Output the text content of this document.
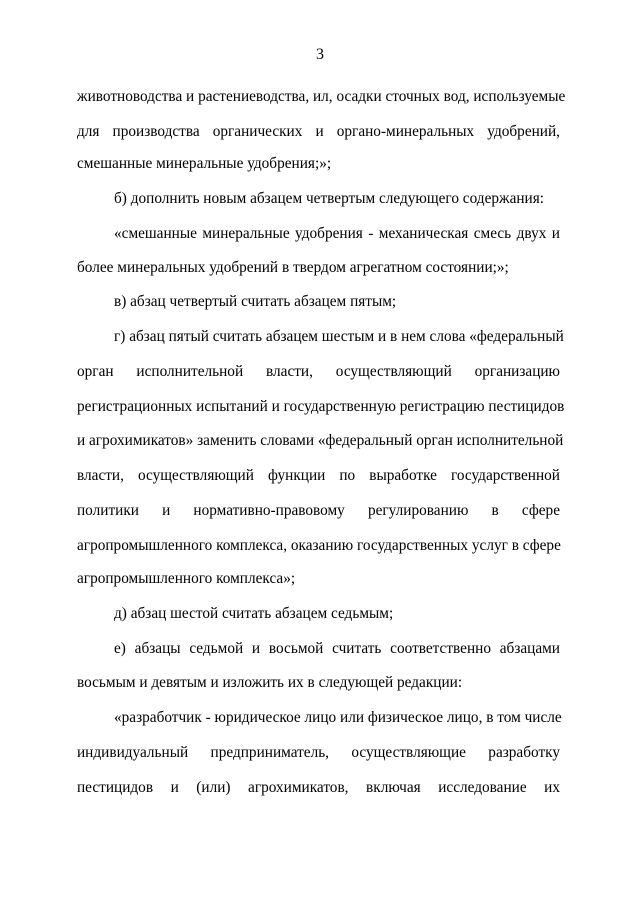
3
животноводства и растениеводства, ил, осадки сточных вод, используемые
для производства органических и органо-минеральных удобрений,
смешанные минеральные удобрения;»;
б) дополнить новым абзацем четвертым следующего содержания:
«смешанные минеральные удобрения - механическая смесь двух и
более минеральных удобрений в твердом агрегатном состоянии;»;
в) абзац четвертый считать абзацем пятым;
г) абзац пятый считать абзацем шестым и в нем слова «федеральный
орган исполнительной власти, осуществляющий организацию
регистрационных испытаний и государственную регистрацию пестицидов
и агрохимикатов» заменить словами «федеральный орган исполнительной
власти, осуществляющий функции по выработке государственной
политики и нормативно-правовому регулированию в сфере
агропромышленного комплекса, оказанию государственных услуг в сфере
агропромышленного комплекса»;
д) абзац шестой считать абзацем седьмым;
е) абзацы седьмой и восьмой считать соответственно абзацами
восьмым и девятым и изложить их в следующей редакции:
«разработчик - юридическое лицо или физическое лицо, в том числе
индивидуальный предприниматель, осуществляющие разработку
пестицидов и (или) агрохимикатов, включая исследование их
